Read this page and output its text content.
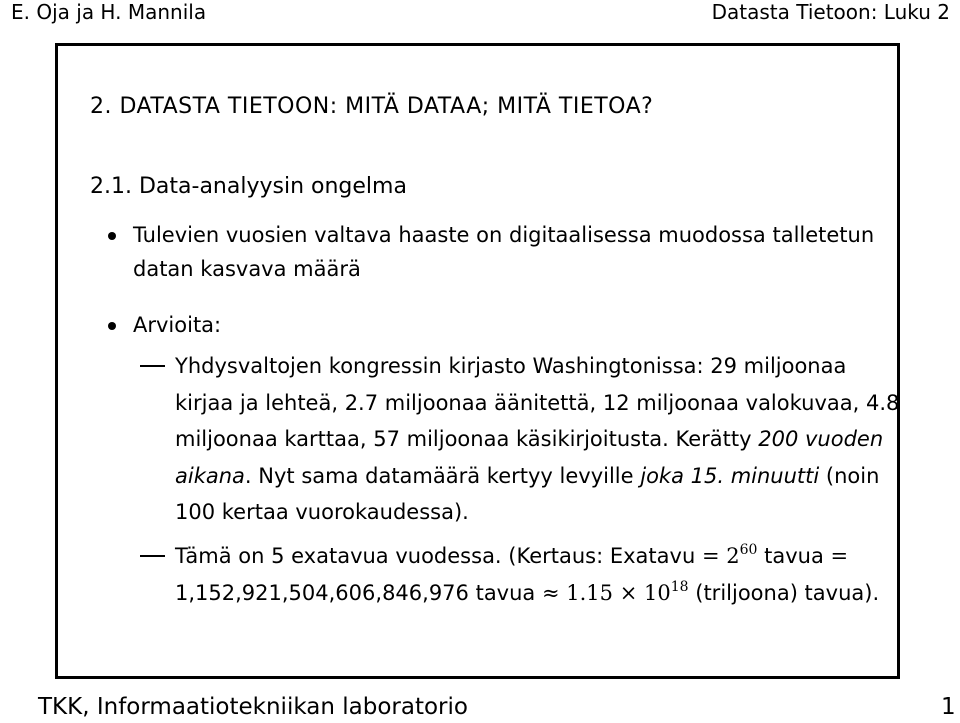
E. Oja ja H. Mannila	Datasta Tietoon: Luku 2
2. DATASTA TIETOON: MITÄ DATAA; MITÄ TIETOA?
2.1. Data-analyysin ongelma
Tulevien vuosien valtava haaste on digitaalisessa muodossa talletetun datan kasvava määrä
Arvioita:
Yhdysvaltojen kongressin kirjasto Washingtonissa: 29 miljoonaa kirjaa ja lehteä, 2.7 miljoonaa äänitettä, 12 miljoonaa valokuvaa, 4.8 miljoonaa karttaa, 57 miljoonaa käsikirjoitusta. Kerätty 200 vuoden aikana. Nyt sama datamäärä kertyy levyille joka 15. minuutti (noin 100 kertaa vuorokaudessa).
Tämä on 5 exatavua vuodessa. (Kertaus: Exatavu = $2^{60}$ tavua = 1,152,921,504,606,846,976 tavua ≈ $1.15 \times 10^{18}$ (triljoona) tavua).
TKK, Informaatiotekniikan laboratorio	1
